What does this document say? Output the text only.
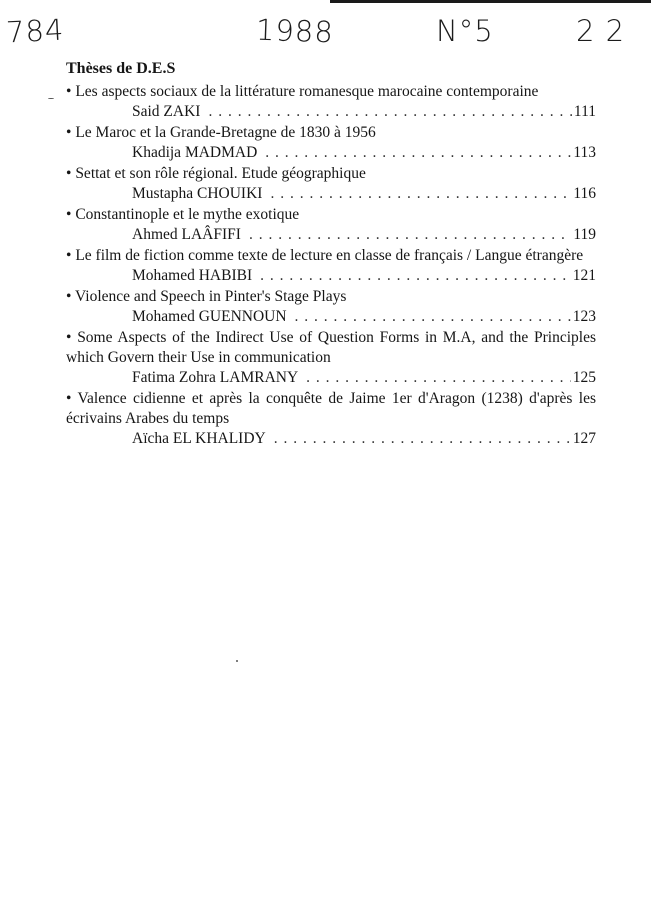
784	1988	N°5	2 2
Thèses de D.E.S
• Les aspects sociaux de la littérature romanesque marocaine contemporaine
Said ZAKI . . .	111
• Le Maroc et la Grande-Bretagne de 1830 à 1956
Khadija MADMAD . . .	113
• Settat et son rôle régional. Etude géographique
Mustapha CHOUIKI . . .	116
• Constantinople et le mythe exotique
Ahmed LAÂFIFI . . .	119
• Le film de fiction comme texte de lecture en classe de français / Langue étrangère
Mohamed HABIBI . . .	121
• Violence and Speech in Pinter's Stage Plays
Mohamed GUENNOUN . . .	123
• Some Aspects of the Indirect Use of Question Forms in M.A, and the Principles which Govern their Use in communication
Fatima Zohra LAMRANY . . .	125
• Valence cidienne et après la conquête de Jaime 1er d'Aragon (1238) d'après les écrivains Arabes du temps
Aïcha EL KHALIDY . . .	127
